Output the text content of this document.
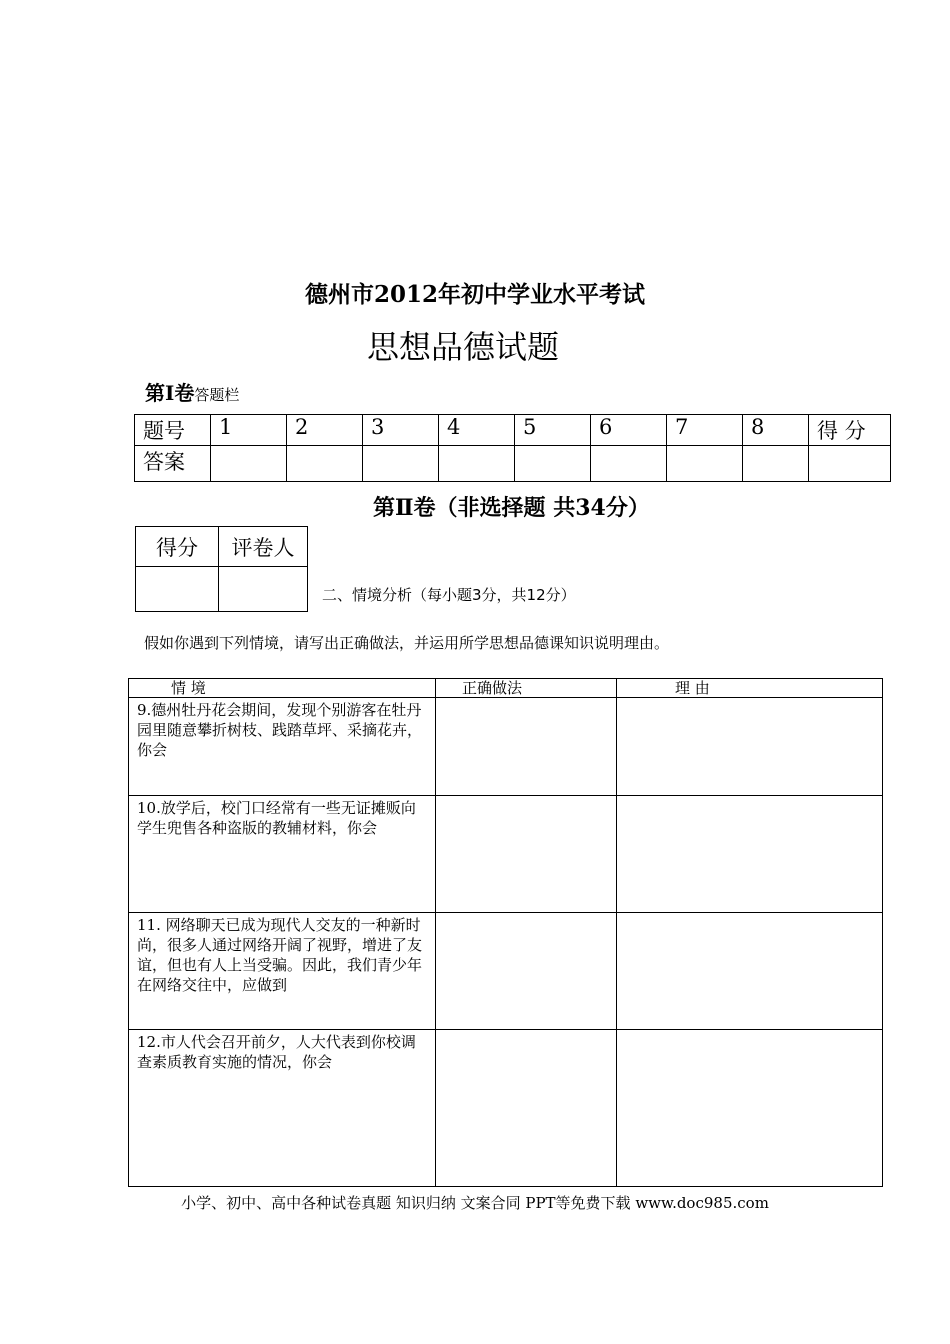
德州市2012年初中学业水平考试
思想品德试题
第Ⅰ卷答题栏
题号	1	2	3	4	5	6	7	8	得 分
答案									
第Ⅱ卷（非选择题 共34分）
得分	评卷人

二、情境分析（每小题3分，共12分）
假如你遇到下列情境，请写出正确做法，并运用所学思想品德课知识说明理由。
情 境	正确做法	理 由
9.德州牡丹花会期间，发现个别游客在牡丹园里随意攀折树枝、践踏草坪、采摘花卉，你会		
10.放学后，校门口经常有一些无证摊贩向学生兜售各种盗版的教辅材料，你会		
11. 网络聊天已成为现代人交友的一种新时尚，很多人通过网络开阔了视野，增进了友谊，但也有人上当受骗。因此，我们青少年在网络交往中，应做到		
12.市人代会召开前夕，人大代表到你校调查素质教育实施的情况，你会		
小学、初中、高中各种试卷真题 知识归纳 文案合同 PPT等免费下载 www.doc985.com
